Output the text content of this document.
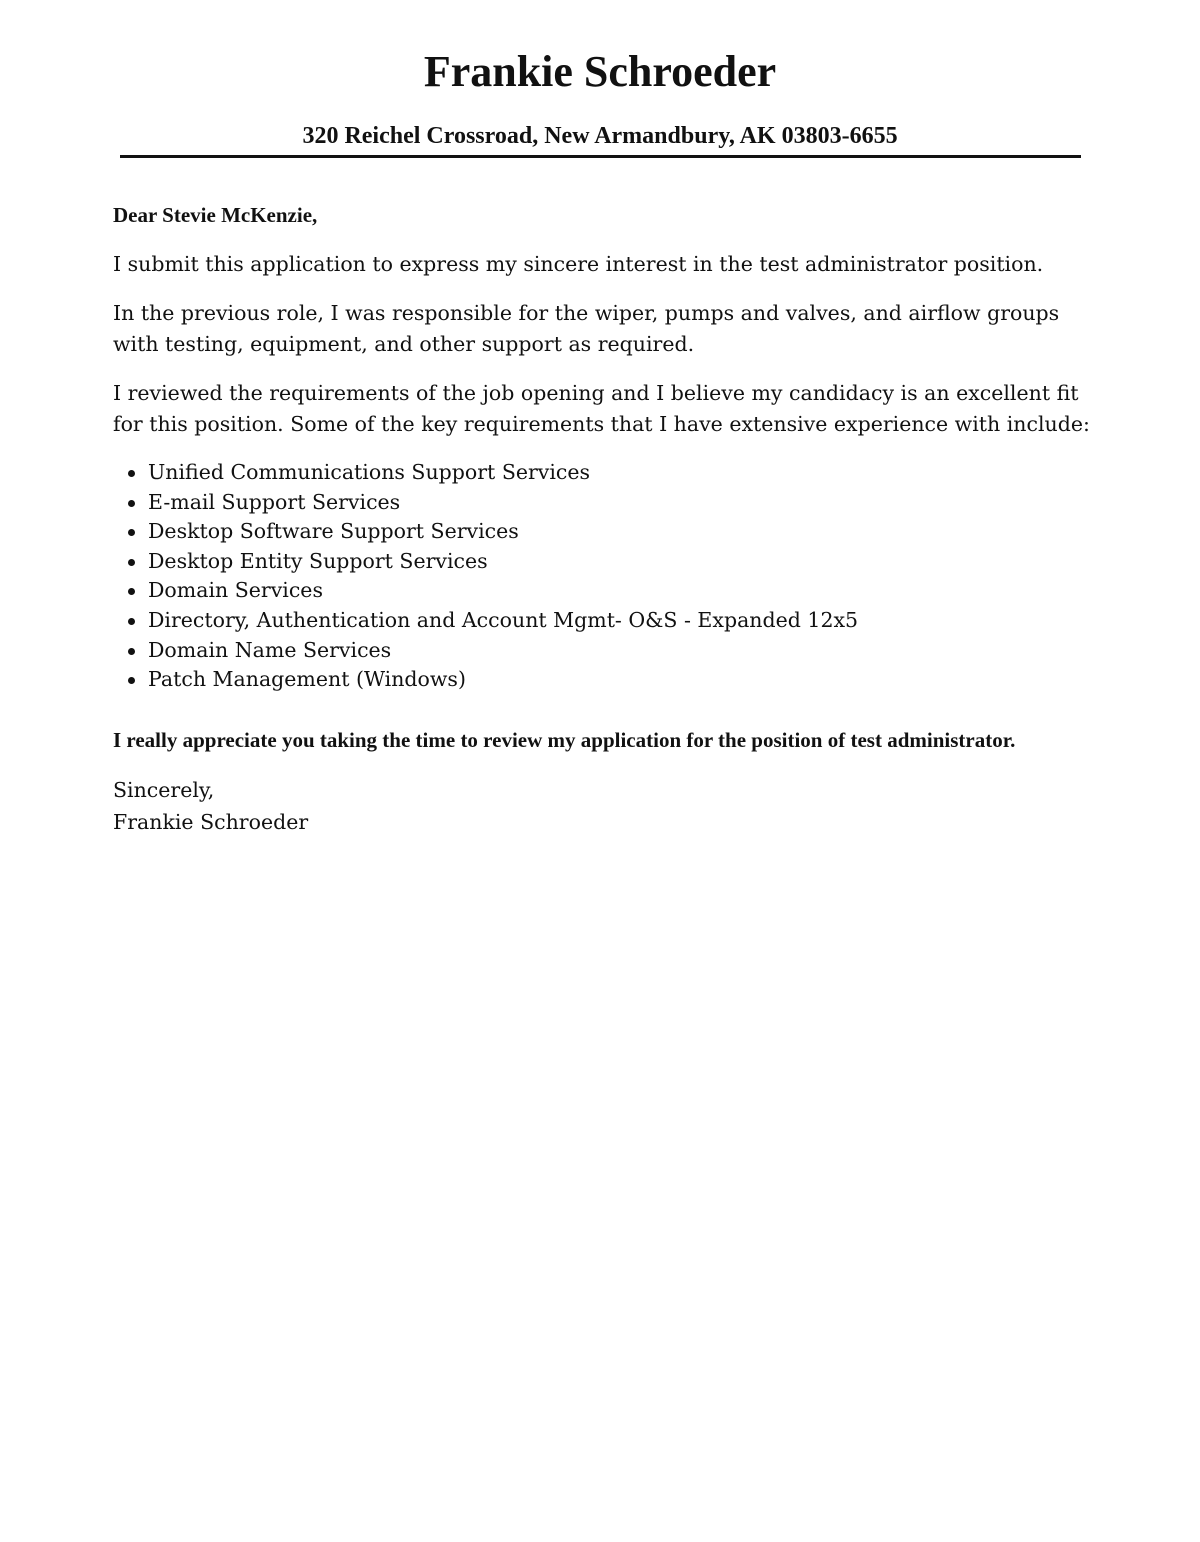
Frankie Schroeder
320 Reichel Crossroad, New Armandbury, AK 03803-6655

Dear Stevie McKenzie,

I submit this application to express my sincere interest in the test administrator position.

In the previous role, I was responsible for the wiper, pumps and valves, and airflow groups with testing, equipment, and other support as required.

I reviewed the requirements of the job opening and I believe my candidacy is an excellent fit for this position. Some of the key requirements that I have extensive experience with include:

Unified Communications Support Services
E-mail Support Services
Desktop Software Support Services
Desktop Entity Support Services
Domain Services
Directory, Authentication and Account Mgmt- O&S - Expanded 12x5
Domain Name Services
Patch Management (Windows)

I really appreciate you taking the time to review my application for the position of test administrator.

Sincerely,

Frankie Schroeder
